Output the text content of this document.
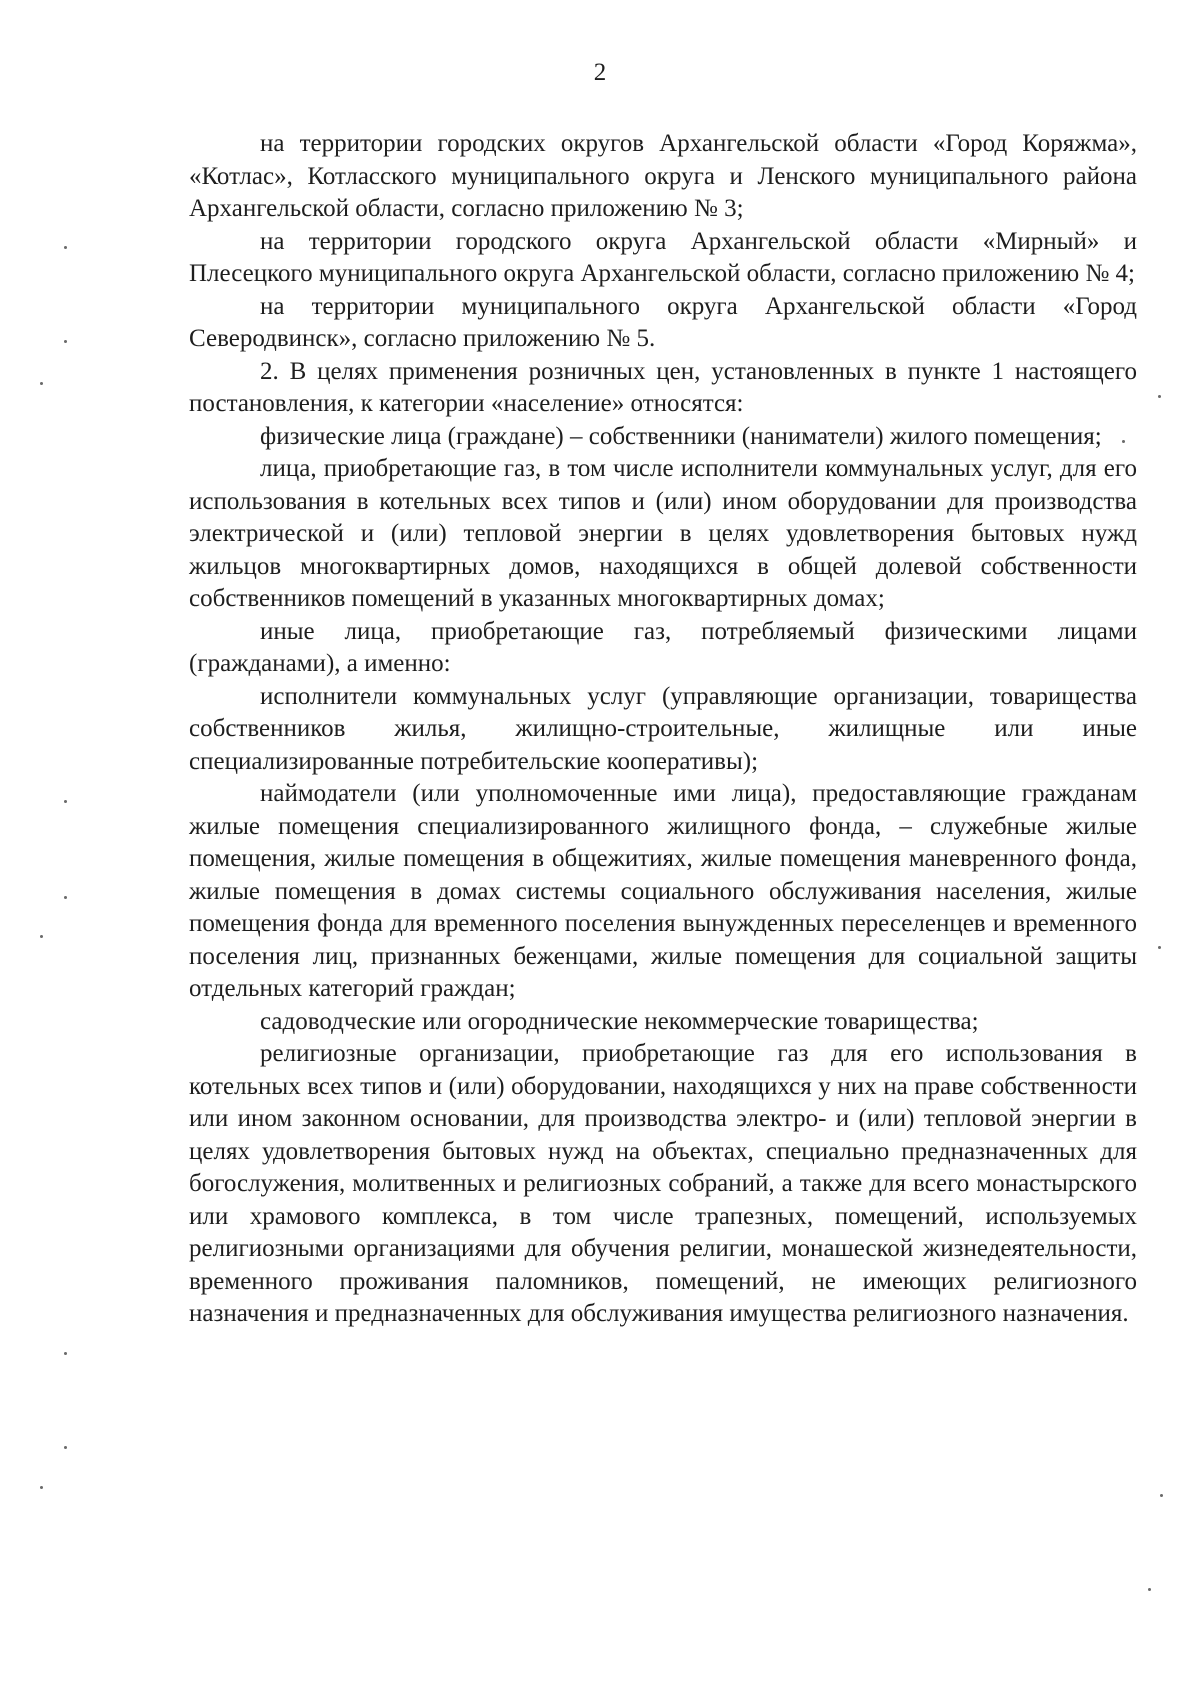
2

на территории городских округов Архангельской области «Город Коряжма», «Котлас», Котласского муниципального округа и Ленского муниципального района Архангельской области, согласно приложению № 3;

на территории городского округа Архангельской области «Мирный» и Плесецкого муниципального округа Архангельской области, согласно приложению № 4;

на территории муниципального округа Архангельской области «Город Северодвинск», согласно приложению № 5.

2. В целях применения розничных цен, установленных в пункте 1 настоящего постановления, к категории «население» относятся:

физические лица (граждане) – собственники (наниматели) жилого помещения;

лица, приобретающие газ, в том числе исполнители коммунальных услуг, для его использования в котельных всех типов и (или) ином оборудовании для производства электрической и (или) тепловой энергии в целях удовлетворения бытовых нужд жильцов многоквартирных домов, находящихся в общей долевой собственности собственников помещений в указанных многоквартирных домах;

иные лица, приобретающие газ, потребляемый физическими лицами (гражданами), а именно:

исполнители коммунальных услуг (управляющие организации, товарищества собственников жилья, жилищно-строительные, жилищные или иные специализированные потребительские кооперативы);

наймодатели (или уполномоченные ими лица), предоставляющие гражданам жилые помещения специализированного жилищного фонда, – служебные жилые помещения, жилые помещения в общежитиях, жилые помещения маневренного фонда, жилые помещения в домах системы социального обслуживания населения, жилые помещения фонда для временного поселения вынужденных переселенцев и временного поселения лиц, признанных беженцами, жилые помещения для социальной защиты отдельных категорий граждан;

садоводческие или огороднические некоммерческие товарищества;

религиозные организации, приобретающие газ для его использования в котельных всех типов и (или) оборудовании, находящихся у них на праве собственности или ином законном основании, для производства электро- и (или) тепловой энергии в целях удовлетворения бытовых нужд на объектах, специально предназначенных для богослужения, молитвенных и религиозных собраний, а также для всего монастырского или храмового комплекса, в том числе трапезных, помещений, используемых религиозными организациями для обучения религии, монашеской жизнедеятельности, временного проживания паломников, помещений, не имеющих религиозного назначения и предназначенных для обслуживания имущества религиозного назначения.
